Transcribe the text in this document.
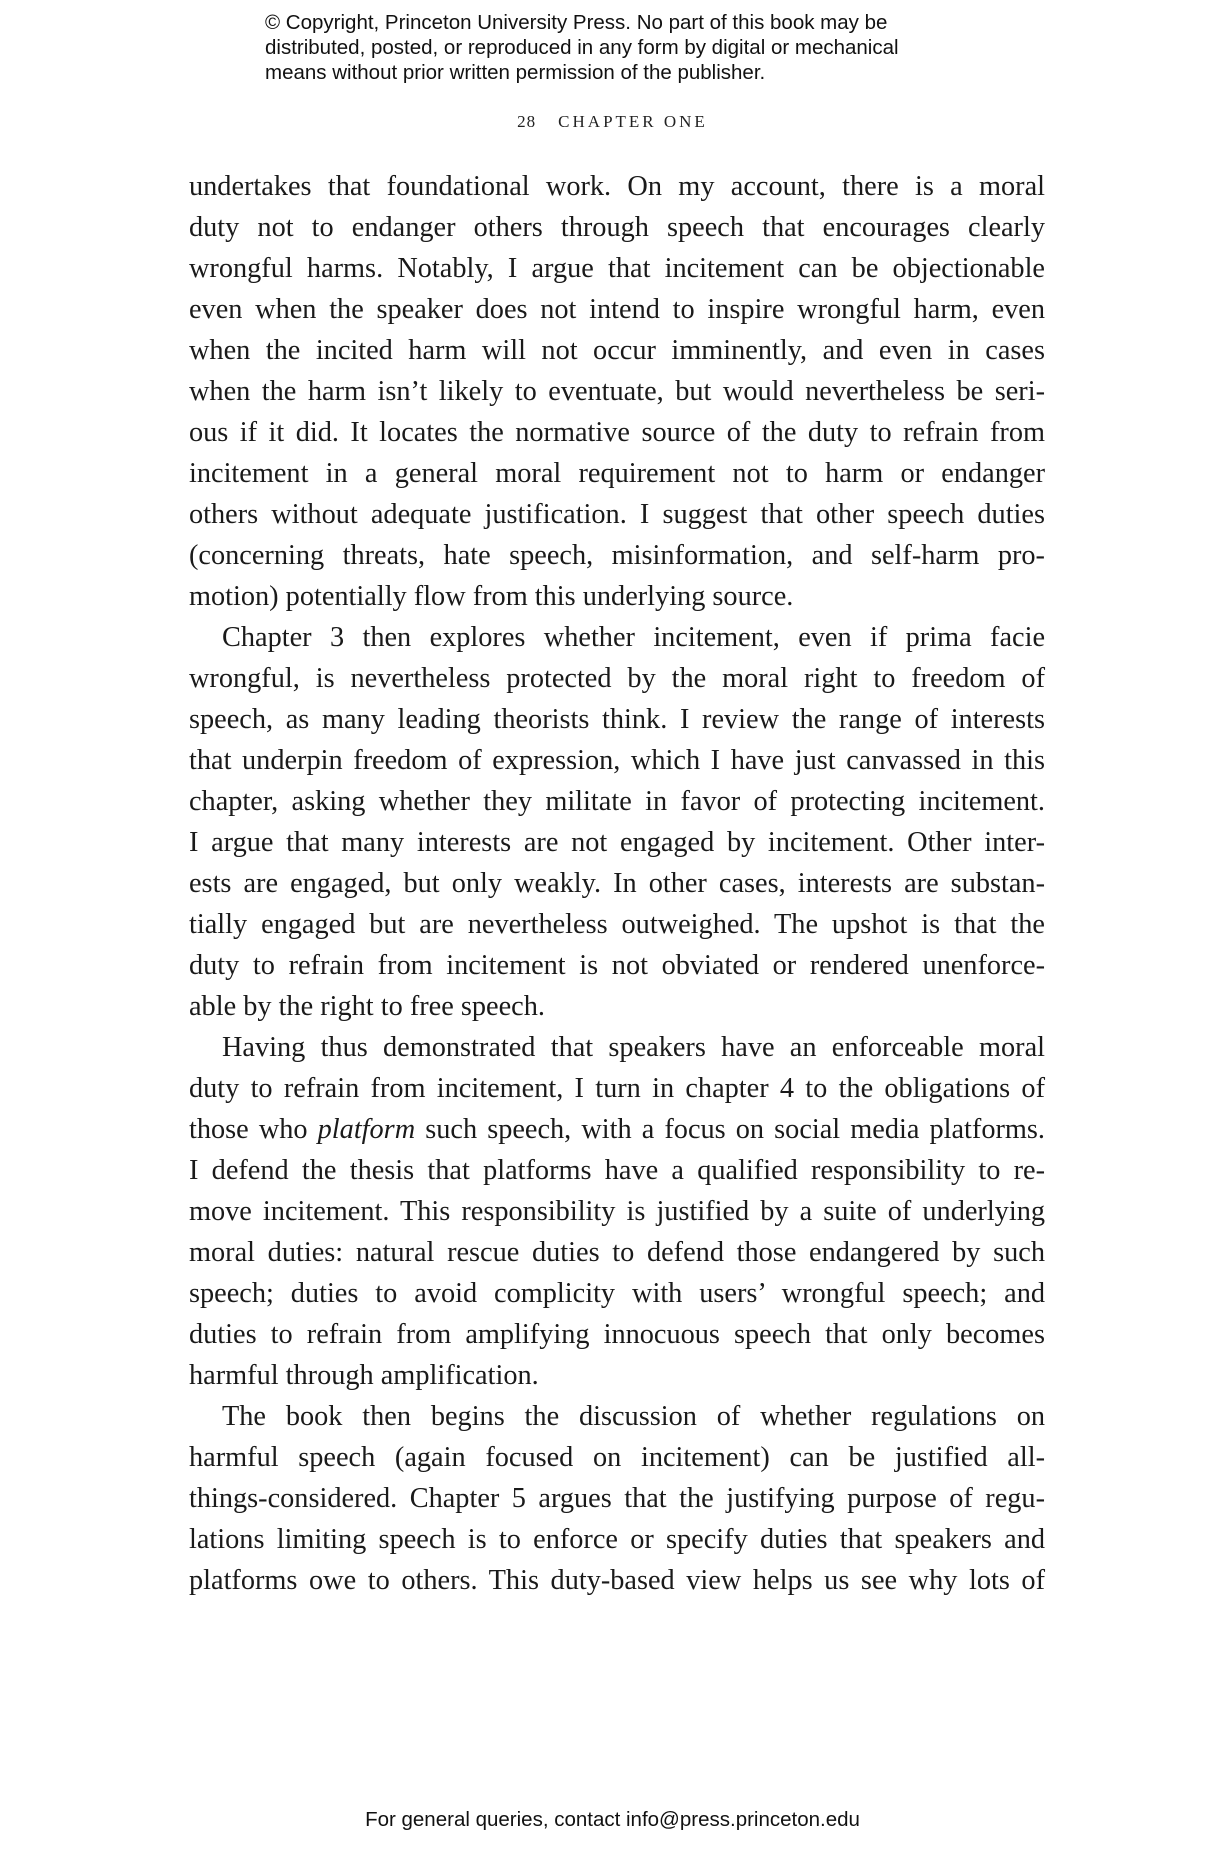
© Copyright, Princeton University Press. No part of this book may be
distributed, posted, or reproduced in any form by digital or mechanical
means without prior written permission of the publisher.
28 CHAPTER ONE
undertakes that foundational work. On my account, there is a moral
duty not to endanger others through speech that encourages clearly
wrongful harms. Notably, I argue that incitement can be objectionable
even when the speaker does not intend to inspire wrongful harm, even
when the incited harm will not occur imminently, and even in cases
when the harm isn’t likely to eventuate, but would nevertheless be seri-
ous if it did. It locates the normative source of the duty to refrain from
incitement in a general moral requirement not to harm or endanger
others without adequate justification. I suggest that other speech duties
(concerning threats, hate speech, misinformation, and self-harm pro-
motion) potentially flow from this underlying source.
Chapter 3 then explores whether incitement, even if prima facie
wrongful, is nevertheless protected by the moral right to freedom of
speech, as many leading theorists think. I review the range of interests
that underpin freedom of expression, which I have just canvassed in this
chapter, asking whether they militate in favor of protecting incitement.
I argue that many interests are not engaged by incitement. Other inter-
ests are engaged, but only weakly. In other cases, interests are substan-
tially engaged but are nevertheless outweighed. The upshot is that the
duty to refrain from incitement is not obviated or rendered unenforce-
able by the right to free speech.
Having thus demonstrated that speakers have an enforceable moral
duty to refrain from incitement, I turn in chapter 4 to the obligations of
those who platform such speech, with a focus on social media platforms.
I defend the thesis that platforms have a qualified responsibility to re-
move incitement. This responsibility is justified by a suite of underlying
moral duties: natural rescue duties to defend those endangered by such
speech; duties to avoid complicity with users’ wrongful speech; and
duties to refrain from amplifying innocuous speech that only becomes
harmful through amplification.
The book then begins the discussion of whether regulations on
harmful speech (again focused on incitement) can be justified all-
things-considered. Chapter 5 argues that the justifying purpose of regu-
lations limiting speech is to enforce or specify duties that speakers and
platforms owe to others. This duty-based view helps us see why lots of
For general queries, contact info@press.princeton.edu
